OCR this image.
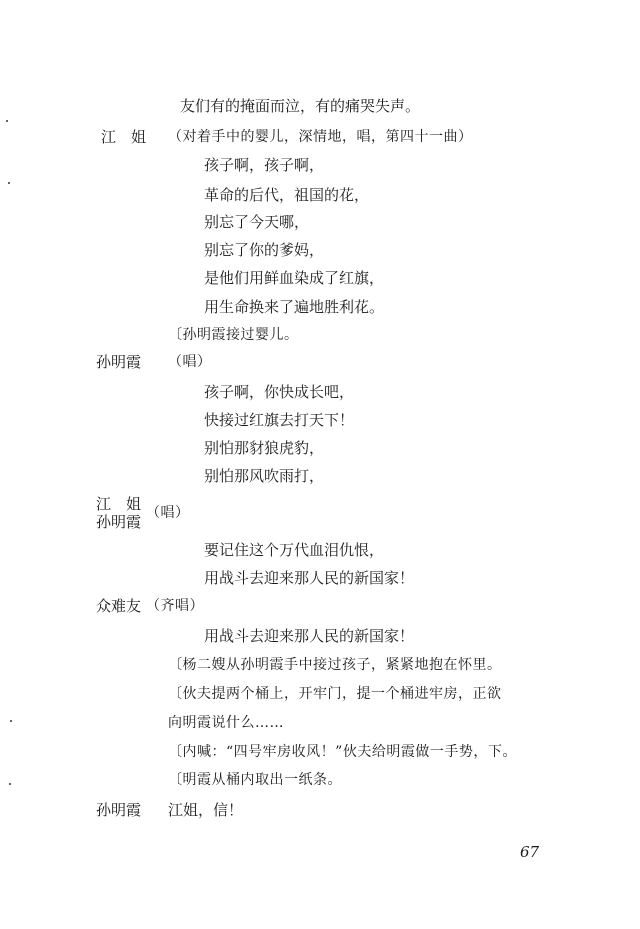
友们有的掩面而泣，有的痛哭失声。
江　姐 （对着手中的婴儿，深情地，唱，第四十一曲）
孩子啊，孩子啊，
革命的后代，祖国的花，
别忘了今天哪，
别忘了你的爹妈，
是他们用鲜血染成了红旗，
用生命换来了遍地胜利花。
〔孙明霞接过婴儿。
孙明霞 （唱）
孩子啊，你快成长吧，
快接过红旗去打天下！
别怕那豺狼虎豹，
别怕那风吹雨打，
江　姐
孙明霞 （唱）
要记住这个万代血泪仇恨，
用战斗去迎来那人民的新国家！
众难友 （齐唱）
用战斗去迎来那人民的新国家！
〔杨二嫂从孙明霞手中接过孩子，紧紧地抱在怀里。
〔伙夫提两个桶上，开牢门，提一个桶进牢房，正欲
向明霞说什么……
〔内喊：“四号牢房收风！”伙夫给明霞做一手势，下。
〔明霞从桶内取出一纸条。
孙明霞 江姐，信！
67
